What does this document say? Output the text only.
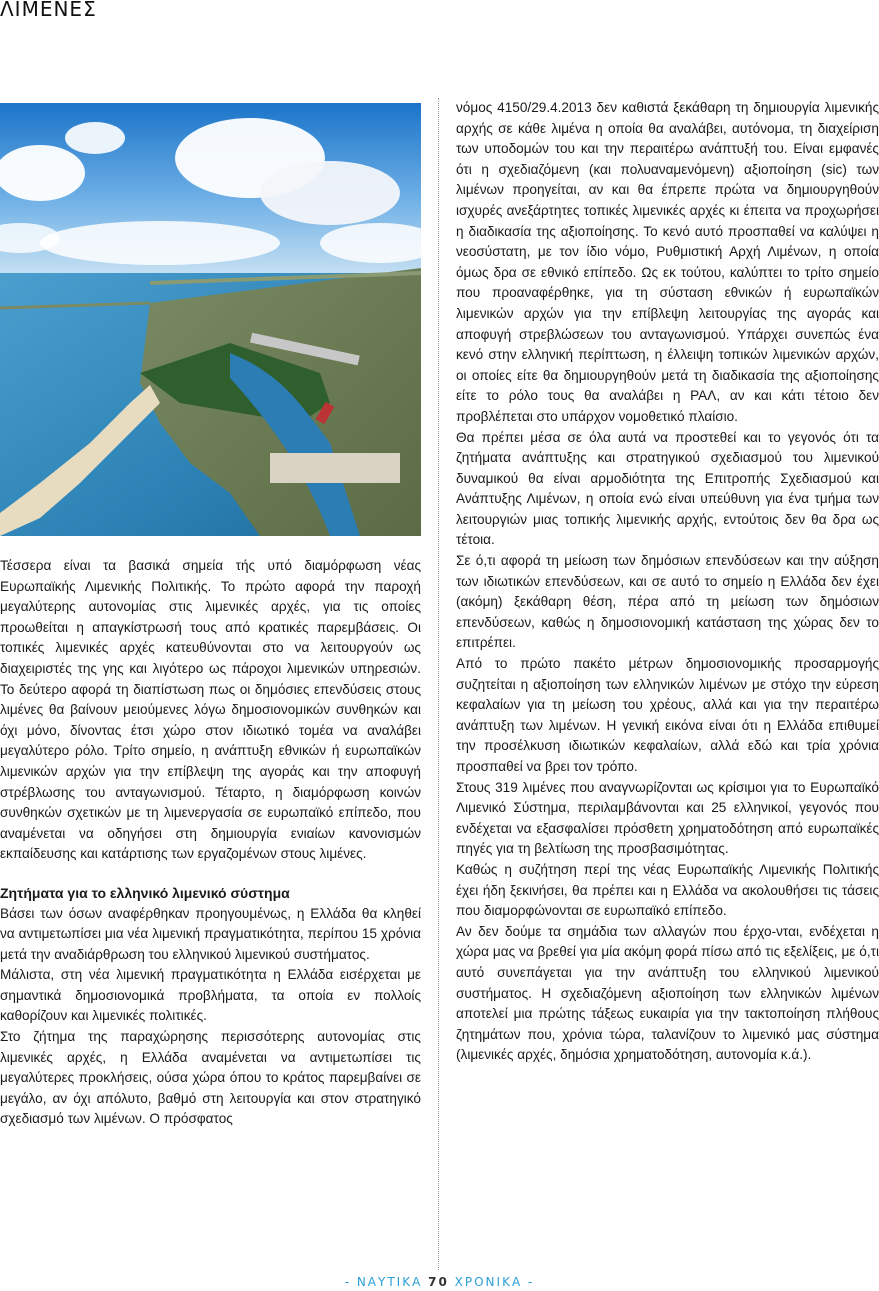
ΛΙΜΕΝΕΣ

Τέσσερα είναι τα βασικά σημεία τής υπό διαμόρφωση νέας Ευρωπαϊκής Λιμενικής Πολιτικής. Το πρώτο αφορά την παροχή μεγαλύτερης αυτονομίας στις λιμενικές αρχές, για τις οποίες προωθείται η απαγκίστρωσή τους από κρατικές παρεμβάσεις. Οι τοπικές λιμενικές αρχές κατευθύνονται στο να λειτουργούν ως διαχειριστές της γης και λιγότερο ως πάροχοι λιμενικών υπηρεσιών. Το δεύτερο αφορά τη διαπίστωση πως οι δημόσιες επενδύσεις στους λιμένες θα βαίνουν μειούμενες λόγω δημοσιονομικών συνθηκών και όχι μόνο, δίνοντας έτσι χώρο στον ιδιωτικό τομέα να αναλάβει μεγαλύτερο ρόλο. Τρίτο σημείο, η ανάπτυξη εθνικών ή ευρωπαϊκών λιμενικών αρχών για την επίβλεψη της αγοράς και την αποφυγή στρέβλωσης του ανταγωνισμού. Τέταρτο, η διαμόρφωση κοινών συνθηκών σχετικών με τη λιμενεργασία σε ευρωπαϊκό επίπεδο, που αναμένεται να οδηγήσει στη δημιουργία ενιαίων κανονισμών εκπαίδευσης και κατάρτισης των εργαζομένων στους λιμένες.

Ζητήματα για το ελληνικό λιμενικό σύστημα

Βάσει των όσων αναφέρθηκαν προηγουμένως, η Ελλάδα θα κληθεί να αντιμετωπίσει μια νέα λιμενική πραγματικότητα, περίπου 15 χρόνια μετά την αναδιάρθρωση του ελληνικού λιμενικού συστήματος.

Μάλιστα, στη νέα λιμενική πραγματικότητα η Ελλάδα εισέρχεται με σημαντικά δημοσιονομικά προβλήματα, τα οποία εν πολλοίς καθορίζουν και λιμενικές πολιτικές.

Στο ζήτημα της παραχώρησης περισσότερης αυτονομίας στις λιμενικές αρχές, η Ελλάδα αναμένεται να αντιμετωπίσει τις μεγαλύτερες προκλήσεις, ούσα χώρα όπου το κράτος παρεμβαίνει σε μεγάλο, αν όχι απόλυτο, βαθμό στη λειτουργία και στον στρατηγικό σχεδιασμό των λιμένων. Ο πρόσφατος

νόμος 4150/29.4.2013 δεν καθιστά ξεκάθαρη τη δημιουργία λιμενικής αρχής σε κάθε λιμένα η οποία θα αναλάβει, αυτόνομα, τη διαχείριση των υποδομών του και την περαιτέρω ανάπτυξή του. Είναι εμφανές ότι η σχεδιαζόμενη (και πολυαναμενόμενη) αξιοποίηση (sic) των λιμένων προηγείται, αν και θα έπρεπε πρώτα να δημιουργηθούν ισχυρές ανεξάρτητες τοπικές λιμενικές αρχές κι έπειτα να προχωρήσει η διαδικασία της αξιοποίησης. Το κενό αυτό προσπαθεί να καλύψει η νεοσύστατη, με τον ίδιο νόμο, Ρυθμιστική Αρχή Λιμένων, η οποία όμως δρα σε εθνικό επίπεδο. Ως εκ τούτου, καλύπτει το τρίτο σημείο που προαναφέρθηκε, για τη σύσταση εθνικών ή ευρωπαϊκών λιμενικών αρχών για την επίβλεψη λειτουργίας της αγοράς και αποφυγή στρεβλώσεων του ανταγωνισμού. Υπάρχει συνεπώς ένα κενό στην ελληνική περίπτωση, η έλλειψη τοπικών λιμενικών αρχών, οι οποίες είτε θα δημιουργηθούν μετά τη διαδικασία της αξιοποίησης είτε το ρόλο τους θα αναλάβει η ΡΑΛ, αν και κάτι τέτοιο δεν προβλέπεται στο υπάρχον νομοθετικό πλαίσιο.

Θα πρέπει μέσα σε όλα αυτά να προστεθεί και το γεγονός ότι τα ζητήματα ανάπτυξης και στρατηγικού σχεδιασμού του λιμενικού δυναμικού θα είναι αρμοδιότητα της Επιτροπής Σχεδιασμού και Ανάπτυξης Λιμένων, η οποία ενώ είναι υπεύθυνη για ένα τμήμα των λειτουργιών μιας τοπικής λιμενικής αρχής, εντούτοις δεν θα δρα ως τέτοια.

Σε ό,τι αφορά τη μείωση των δημόσιων επενδύσεων και την αύξηση των ιδιωτικών επενδύσεων, και σε αυτό το σημείο η Ελλάδα δεν έχει (ακόμη) ξεκάθαρη θέση, πέρα από τη μείωση των δημόσιων επενδύσεων, καθώς η δημοσιονομική κατάσταση της χώρας δεν το επιτρέπει.

Από το πρώτο πακέτο μέτρων δημοσιονομικής προσαρμογής συζητείται η αξιοποίηση των ελληνικών λιμένων με στόχο την εύρεση κεφαλαίων για τη μείωση του χρέους, αλλά και για την περαιτέρω ανάπτυξη των λιμένων. Η γενική εικόνα είναι ότι η Ελλάδα επιθυμεί την προσέλκυση ιδιωτικών κεφαλαίων, αλλά εδώ και τρία χρόνια προσπαθεί να βρει τον τρόπο.

Στους 319 λιμένες που αναγνωρίζονται ως κρίσιμοι για το Ευρωπαϊκό Λιμενικό Σύστημα, περιλαμβάνονται και 25 ελληνικοί, γεγονός που ενδέχεται να εξασφαλίσει πρόσθετη χρηματοδότηση από ευρωπαϊκές πηγές για τη βελτίωση της προσβασιμότητας.

Καθώς η συζήτηση περί της νέας Ευρωπαϊκής Λιμενικής Πολιτικής έχει ήδη ξεκινήσει, θα πρέπει και η Ελλάδα να ακολουθήσει τις τάσεις που διαμορφώνονται σε ευρωπαϊκό επίπεδο.

Αν δεν δούμε τα σημάδια των αλλαγών που έρχο-νται, ενδέχεται η χώρα μας να βρεθεί για μία ακόμη φορά πίσω από τις εξελίξεις, με ό,τι αυτό συνεπάγεται για την ανάπτυξη του ελληνικού λιμενικού συστήματος. Η σχεδιαζόμενη αξιοποίηση των ελληνικών λιμένων αποτελεί μια πρώτης τάξεως ευκαιρία για την τακτοποίηση πλήθους ζητημάτων που, χρόνια τώρα, ταλανίζουν το λιμενικό μας σύστημα (λιμενικές αρχές, δημόσια χρηματοδότηση, αυτονομία κ.ά.).

- ΝΑΥΤΙΚΑ 70 ΧΡΟΝΙΚΑ -
